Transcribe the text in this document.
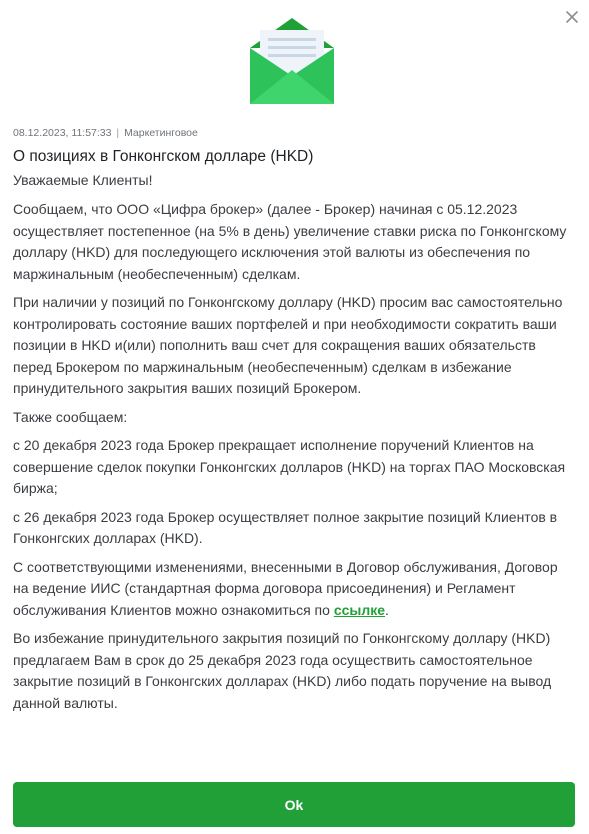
08.12.2023, 11:57:33 | Маркетинговое
О позициях в Гонконгском долларе (HKD)

Уважаемые Клиенты!

Сообщаем, что ООО «Цифра брокер» (далее - Брокер) начиная с 05.12.2023 осуществляет постепенное (на 5% в день) увеличение ставки риска по Гонконгскому доллару (HKD) для последующего исключения этой валюты из обеспечения по маржинальным (необеспеченным) сделкам.

При наличии у позиций по Гонконгскому доллару (HKD) просим вас самостоятельно контролировать состояние ваших портфелей и при необходимости сократить ваши позиции в HKD и(или) пополнить ваш счет для сокращения ваших обязательств перед Брокером по маржинальным (необеспеченным) сделкам в избежание принудительного закрытия ваших позиций Брокером.

Также сообщаем:

с 20 декабря 2023 года Брокер прекращает исполнение поручений Клиентов на совершение сделок покупки Гонконгских долларов (HKD) на торгах ПАО Московская биржа;

с 26 декабря 2023 года Брокер осуществляет полное закрытие позиций Клиентов в Гонконгских долларах (HKD).

С соответствующими изменениями, внесенными в Договор обслуживания, Договор на ведение ИИС (стандартная форма договора присоединения) и Регламент обслуживания Клиентов можно ознакомиться по ссылке.

Во избежание принудительного закрытия позиций по Гонконгскому доллару (HKD) предлагаем Вам в срок до 25 декабря 2023 года осуществить самостоятельное закрытие позиций в Гонконгских долларах (HKD) либо подать поручение на вывод данной валюты.

Ok
